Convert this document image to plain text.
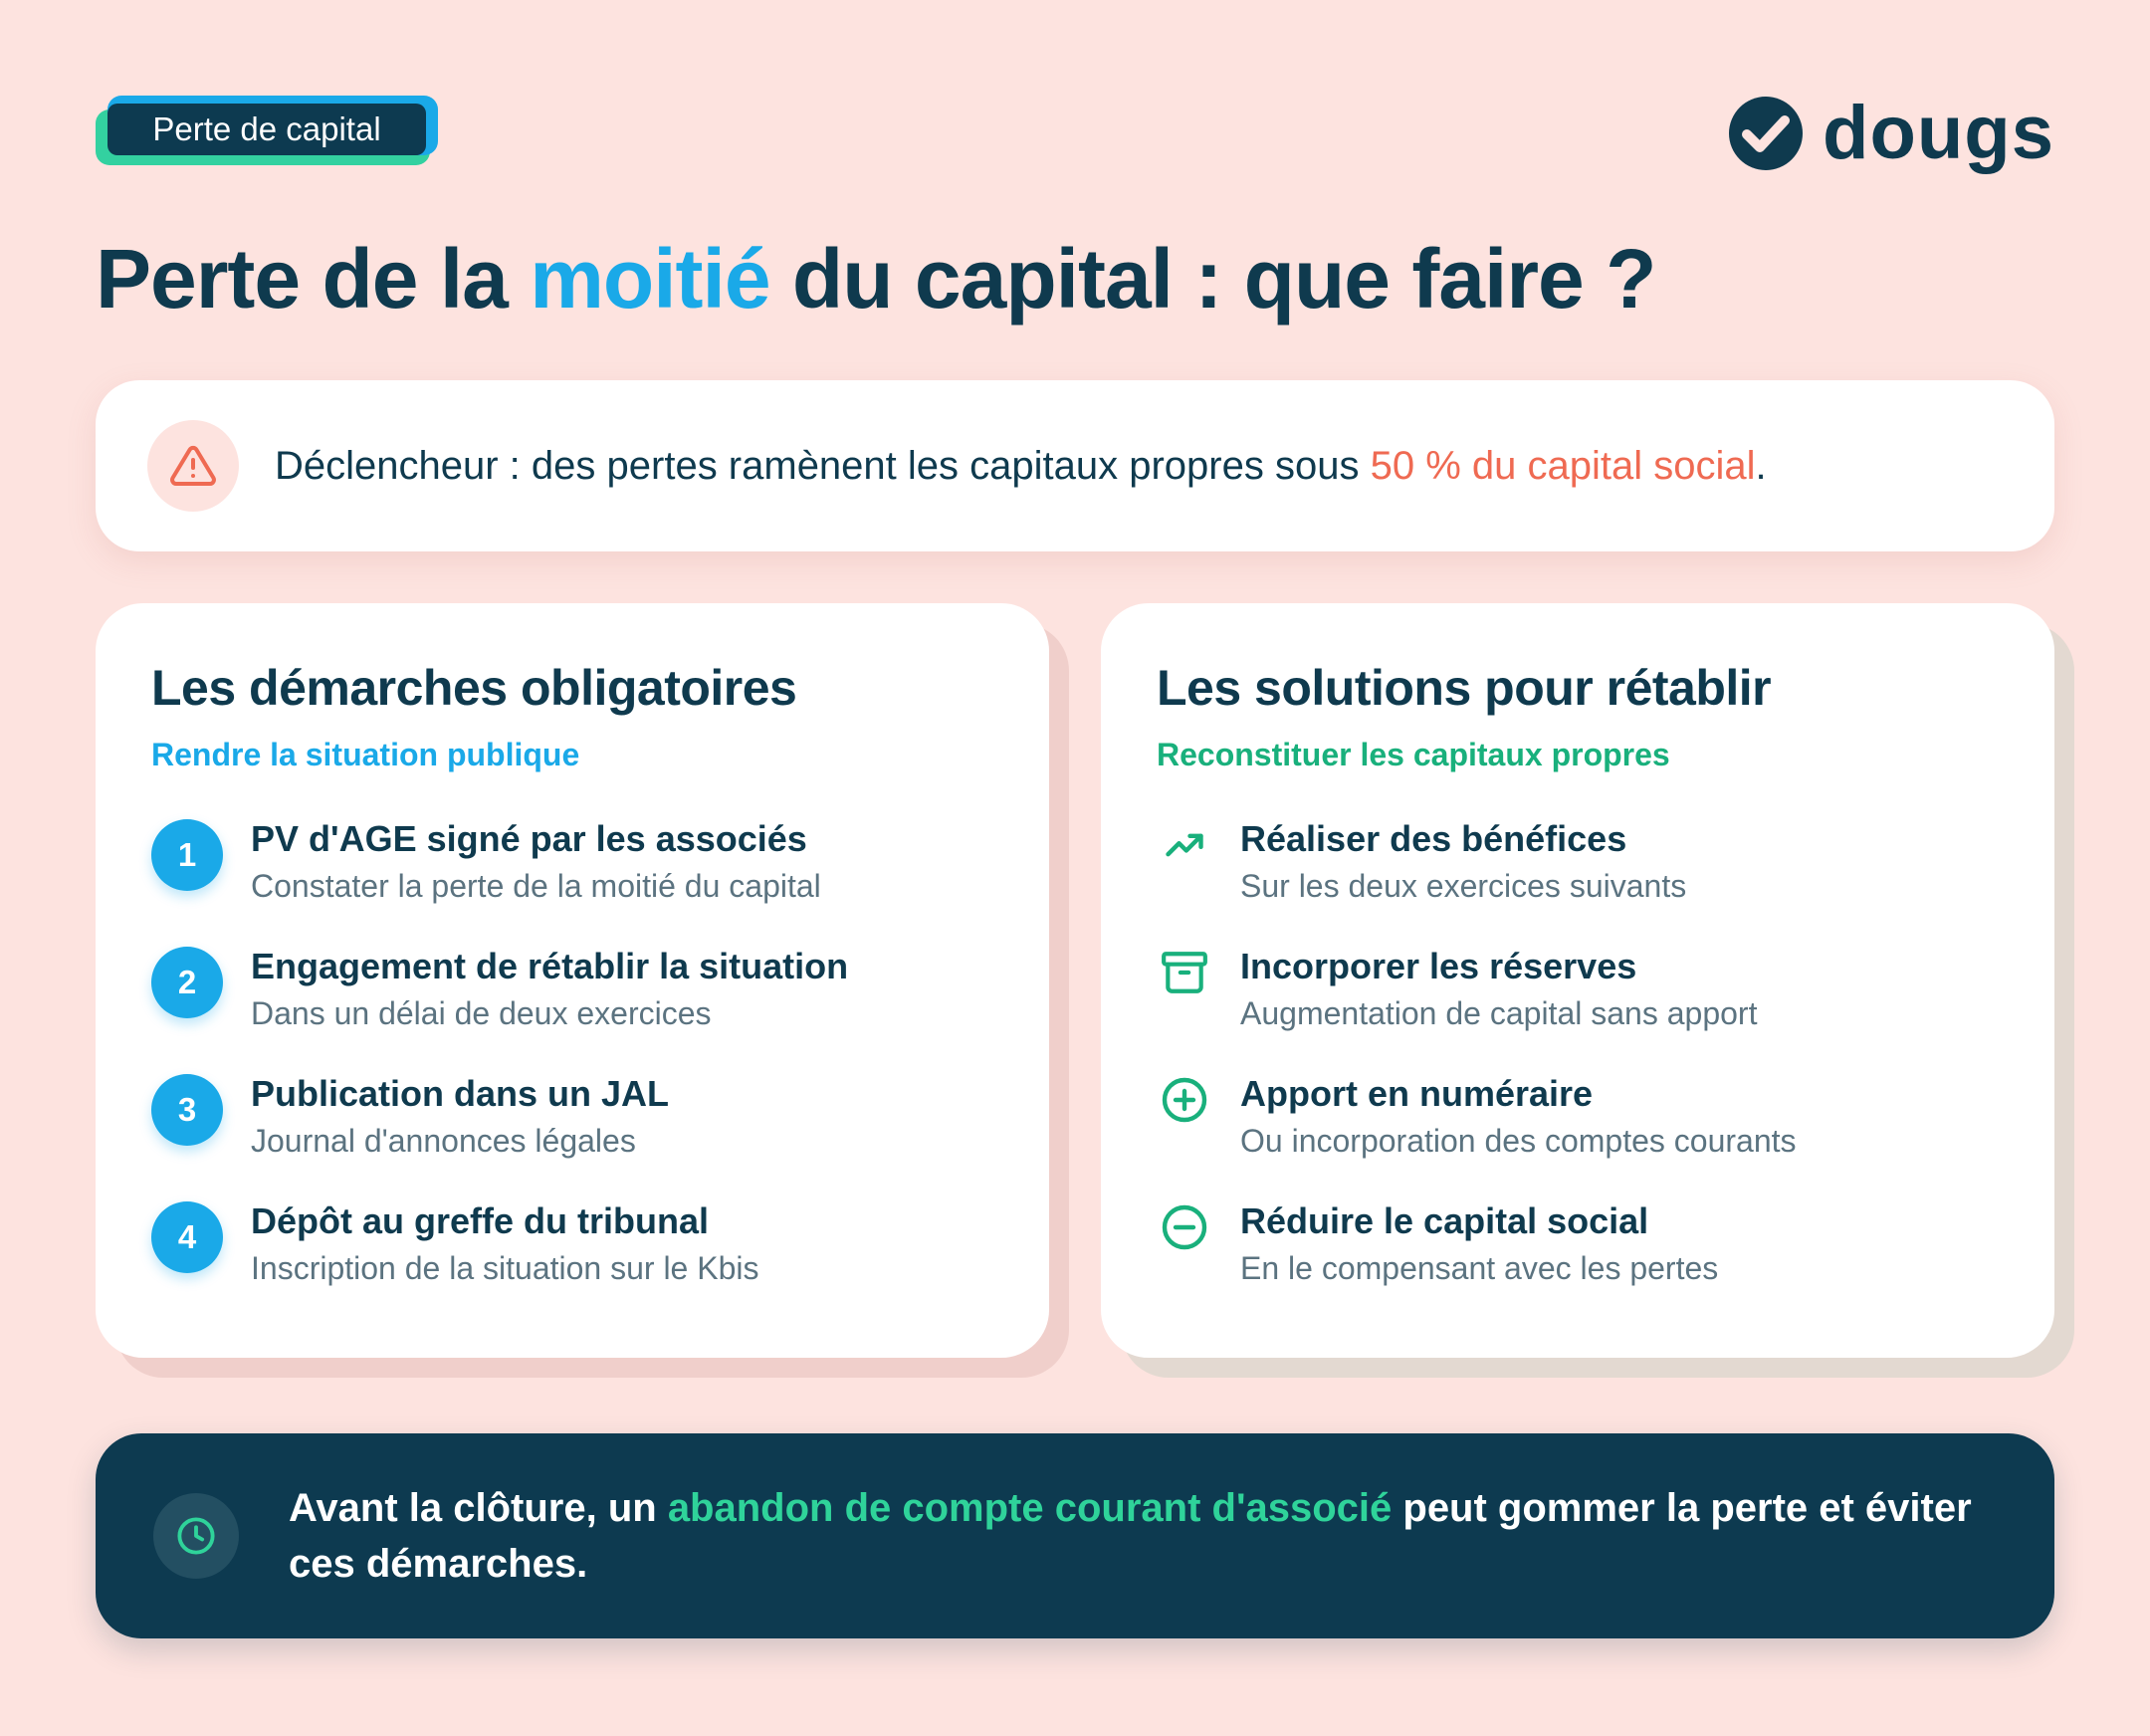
Perte de capital	dougs
Perte de la moitié du capital : que faire ?

Déclencheur : des pertes ramènent les capitaux propres sous 50 % du capital social.

Les démarches obligatoires

Rendre la situation publique

1	PV d'AGE signé par les associés
Constater la perte de la moitié du capital
2	Engagement de rétablir la situation
Dans un délai de deux exercices
3	Publication dans un JAL
Journal d'annonces légales
4	Dépôt au greffe du tribunal
Inscription de la situation sur le Kbis
Les solutions pour rétablir

Reconstituer les capitaux propres

Réaliser des bénéfices
Sur les deux exercices suivants
Incorporer les réserves
Augmentation de capital sans apport
Apport en numéraire
Ou incorporation des comptes courants
Réduire le capital social
En le compensant avec les pertes

Avant la clôture, un abandon de compte courant d'associé peut gommer la perte et éviter ces démarches.
